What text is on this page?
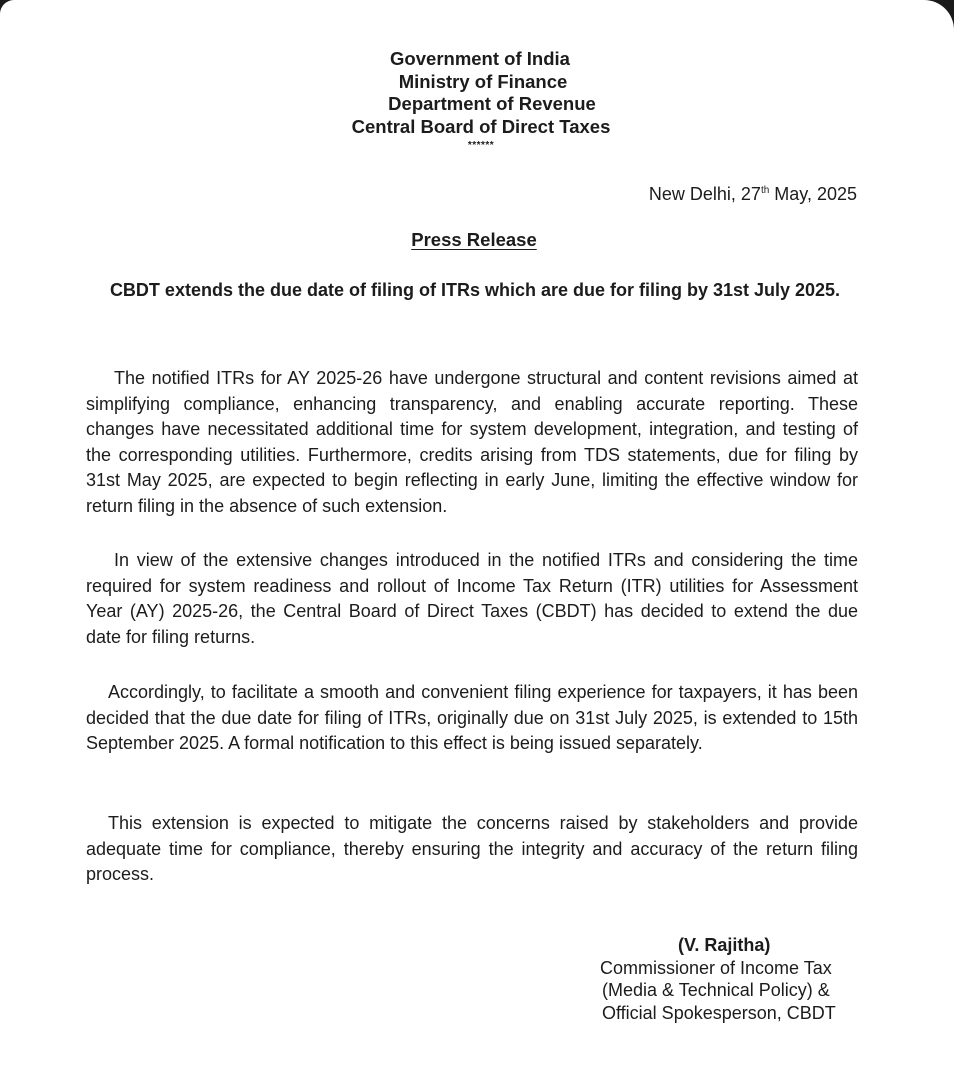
Government of India
Ministry of Finance
Department of Revenue
Central Board of Direct Taxes
******
New Delhi, 27th May, 2025
Press Release
CBDT extends the due date of filing of ITRs which are due for filing by 31st July 2025.
The notified ITRs for AY 2025-26 have undergone structural and content revisions aimed at simplifying compliance, enhancing transparency, and enabling accurate reporting. These changes have necessitated additional time for system development, integration, and testing of the corresponding utilities. Furthermore, credits arising from TDS statements, due for filing by 31st May 2025, are expected to begin reflecting in early June, limiting the effective window for return filing in the absence of such extension.
In view of the extensive changes introduced in the notified ITRs and considering the time required for system readiness and rollout of Income Tax Return (ITR) utilities for Assessment Year (AY) 2025-26, the Central Board of Direct Taxes (CBDT) has decided to extend the due date for filing returns.
Accordingly, to facilitate a smooth and convenient filing experience for taxpayers, it has been decided that the due date for filing of ITRs, originally due on 31st July 2025, is extended to 15th September 2025. A formal notification to this effect is being issued separately.
This extension is expected to mitigate the concerns raised by stakeholders and provide adequate time for compliance, thereby ensuring the integrity and accuracy of the return filing process.
(V. Rajitha)
Commissioner of Income Tax
(Media & Technical Policy) &
Official Spokesperson, CBDT
